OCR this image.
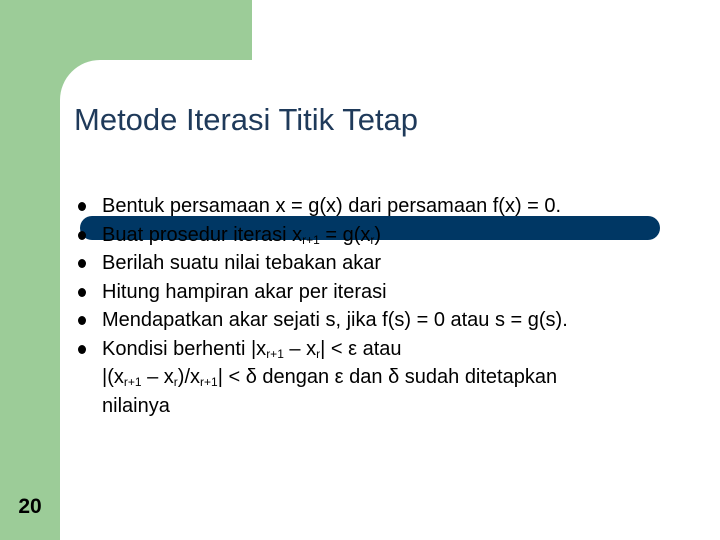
Metode Iterasi Titik Tetap
Bentuk persamaan x = g(x) dari persamaan f(x) = 0.
Buat prosedur iterasi $x_{r+1} = g(x_r)$
Berilah suatu nilai tebakan akar
Hitung hampiran akar per iterasi
Mendapatkan akar sejati s, jika f(s) = 0 atau s = g(s).
Kondisi berhenti $|x_{r+1} - x_r| < \varepsilon$ atau
$|(x_{r+1} - x_r)/x_{r+1}| < \delta$ dengan ε dan δ sudah ditetapkan
nilainya
20
